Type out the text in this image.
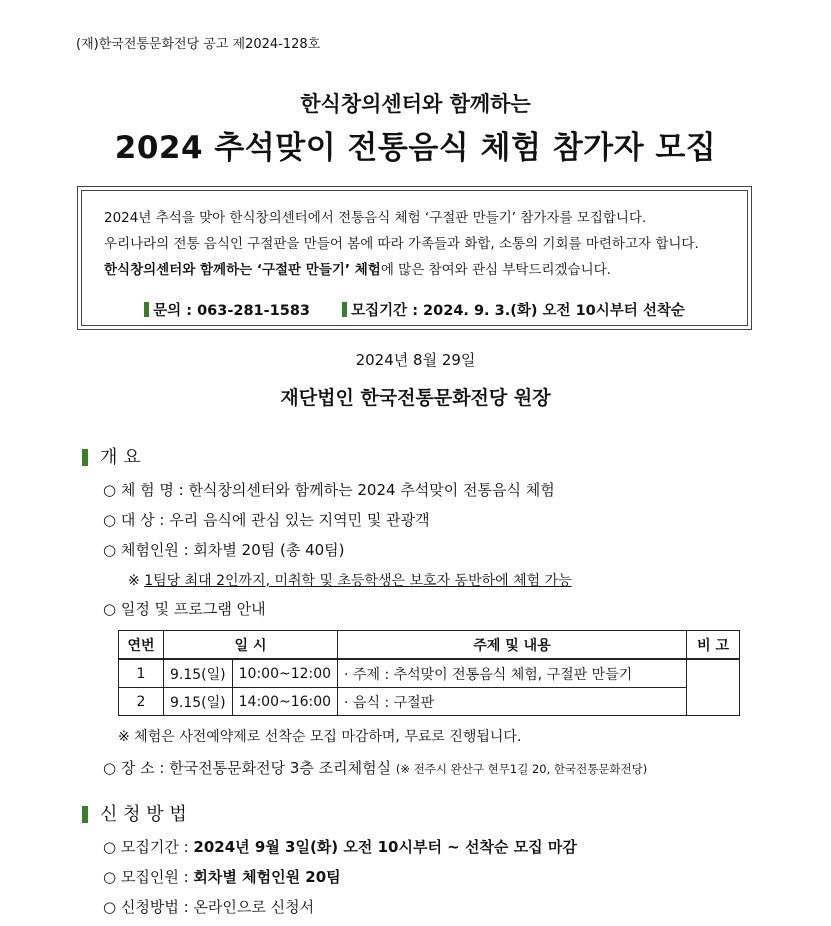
(재)한국전통문화전당 공고 제2024-128호
한식창의센터와 함께하는
2024 추석맞이 전통음식 체험 참가자 모집
2024년 추석을 맞아 한식창의센터에서 전통음식 체험 ‘구절판 만들기’ 참가자를 모집합니다.
우리나라의 전통 음식인 구절판을 만들어 봄에 따라 가족들과 화합, 소통의 기회를 마련하고자 합니다.
한식창의센터와 함께하는 ‘구절판 만들기’ 체험에 많은 참여와 관심 부탁드리겠습니다.
문의 : 063-281-1583	모집기간 : 2024. 9. 3.(화) 오전 10시부터 선착순
2024년 8월 29일
재단법인 한국전통문화전당 원장
개 요
○ 체 험 명 : 한식창의센터와 함께하는 2024 추석맞이 전통음식 체험
○ 대 상 : 우리 음식에 관심 있는 지역민 및 관광객
○ 체험인원 : 회차별 20팀 (총 40팀)
※ 1팀당 최대 2인까지, 미취학 및 초등학생은 보호자 동반하에 체험 가능
○ 일정 및 프로그램 안내
연번	일 시		주제 및 내용	비 고
1	9.15(일)	10:00~12:00	· 주제 : 추석맞이 전통음식 체험, 구절판 만들기	
2	9.15(일)	14:00~16:00	· 음식 : 구절판	
※ 체험은 사전예약제로 선착순 모집 마감하며, 무료로 진행됩니다.
○ 장 소 : 한국전통문화전당 3층 조리체험실 (※ 전주시 완산구 현무1길 20, 한국전통문화전당)
신 청 방 법
○ 모집기간 : 2024년 9월 3일(화) 오전 10시부터 ~ 선착순 모집 마감
○ 모집인원 : 회차별 체험인원 20팀
○ 신청방법 : 온라인으로 신청서
